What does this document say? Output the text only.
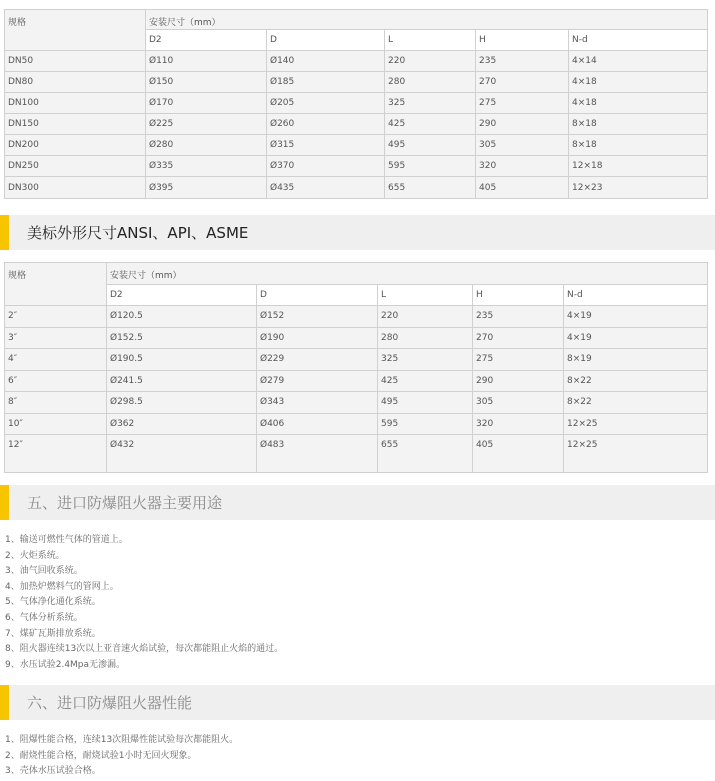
规格	安装尺寸（mm）				
	D2	D	L	H	N-d
DN50	Ø110	Ø140	220	235	4×14
DN80	Ø150	Ø185	280	270	4×18
DN100	Ø170	Ø205	325	275	4×18
DN150	Ø225	Ø260	425	290	8×18
DN200	Ø280	Ø315	495	305	8×18
DN250	Ø335	Ø370	595	320	12×18
DN300	Ø395	Ø435	655	405	12×23
美标外形尺寸ANSI、API、ASME
规格	安装尺寸（mm）				
	D2	D	L	H	N-d
2″	Ø120.5	Ø152	220	235	4×19
3″	Ø152.5	Ø190	280	270	4×19
4″	Ø190.5	Ø229	325	275	8×19
6″	Ø241.5	Ø279	425	290	8×22
8″	Ø298.5	Ø343	495	305	8×22
10″	Ø362	Ø406	595	320	12×25
12″	Ø432	Ø483	655	405	12×25
五、进口防爆阻火器主要用途
1、输送可燃性气体的管道上。
2、火炬系统。
3、油气回收系统。
4、加热炉燃料气的管网上。
5、气体净化通化系统。
6、气体分析系统。
7、煤矿瓦斯排放系统。
8、阻火器连续13次以上亚音速火焰试验，每次都能阻止火焰的通过。
9、水压试验2.4Mpa无渗漏。
六、进口防爆阻火器性能
1、阻爆性能合格，连续13次阻爆性能试验每次都能阻火。
2、耐烧性能合格，耐烧试验1小时无回火现象。
3、壳体水压试验合格。
